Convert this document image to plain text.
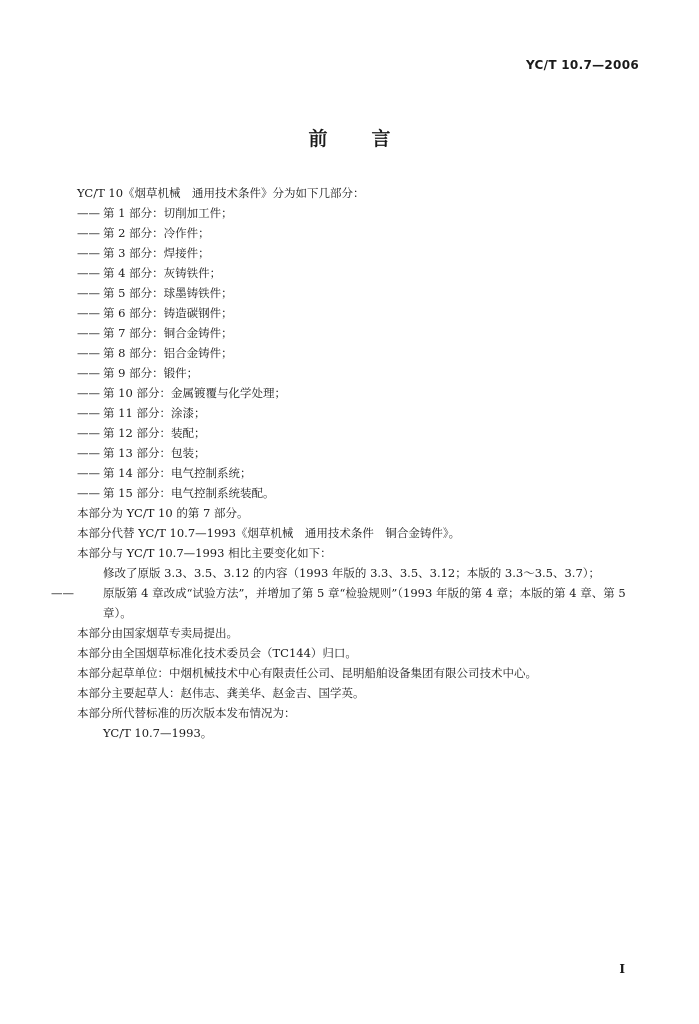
YC/T 10.7—2006
前言
YC/T 10《烟草机械　通用技术条件》分为如下几部分：
—— 第 1 部分：切削加工件；
—— 第 2 部分：冷作件；
—— 第 3 部分：焊接件；
—— 第 4 部分：灰铸铁件；
—— 第 5 部分：球墨铸铁件；
—— 第 6 部分：铸造碳钢件；
—— 第 7 部分：铜合金铸件；
—— 第 8 部分：铝合金铸件；
—— 第 9 部分：锻件；
—— 第 10 部分：金属镀覆与化学处理；
—— 第 11 部分：涂漆；
—— 第 12 部分：装配；
—— 第 13 部分：包装；
—— 第 14 部分：电气控制系统；
—— 第 15 部分：电气控制系统装配。
本部分为 YC/T 10 的第 7 部分。
本部分代替 YC/T 10.7—1993《烟草机械　通用技术条件　铜合金铸件》。
本部分与 YC/T 10.7—1993 相比主要变化如下：
修改了原版 3.3、3.5、3.12 的内容（1993 年版的 3.3、3.5、3.12；本版的 3.3～3.5、3.7）；
——	原版第 4 章改成“试验方法”，并增加了第 5 章“检验规则”（1993 年版的第 4 章；本版的第 4 章、第 5 章）。
本部分由国家烟草专卖局提出。
本部分由全国烟草标准化技术委员会（TC144）归口。
本部分起草单位：中烟机械技术中心有限责任公司、昆明船舶设备集团有限公司技术中心。
本部分主要起草人：赵伟志、龚美华、赵金吉、国学英。
本部分所代替标准的历次版本发布情况为：
YC/T 10.7—1993。
I
